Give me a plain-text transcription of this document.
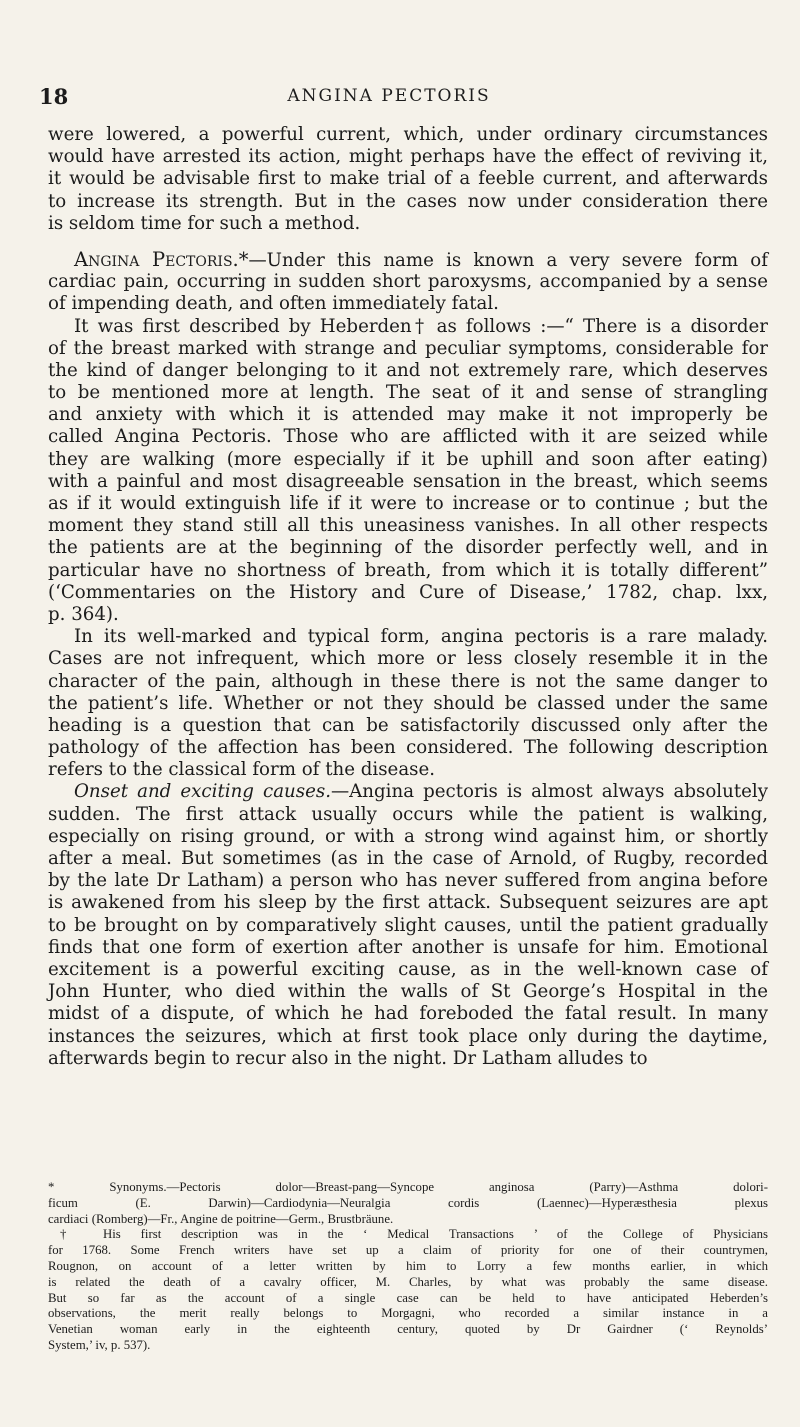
18	ANGINA PECTORIS
were lowered, a powerful current, which, under ordinary circumstances
would have arrested its action, might perhaps have the effect of reviving it,
it would be advisable first to make trial of a feeble current, and afterwards
to increase its strength. But in the cases now under consideration there
is seldom time for such a method.
Angina Pectoris.*—Under this name is known a very severe form of
cardiac pain, occurring in sudden short paroxysms, accompanied by a sense
of impending death, and often immediately fatal.
It was first described by Heberden† as follows :—“ There is a disorder
of the breast marked with strange and peculiar symptoms, considerable for
the kind of danger belonging to it and not extremely rare, which deserves
to be mentioned more at length. The seat of it and sense of strangling
and anxiety with which it is attended may make it not improperly be
called Angina Pectoris. Those who are afflicted with it are seized while
they are walking (more especially if it be uphill and soon after eating)
with a painful and most disagreeable sensation in the breast, which seems
as if it would extinguish life if it were to increase or to continue ; but the
moment they stand still all this uneasiness vanishes. In all other respects
the patients are at the beginning of the disorder perfectly well, and in
particular have no shortness of breath, from which it is totally different”
(‘Commentaries on the History and Cure of Disease,’ 1782, chap. lxx,
p. 364).
In its well-marked and typical form, angina pectoris is a rare malady.
Cases are not infrequent, which more or less closely resemble it in the
character of the pain, although in these there is not the same danger to
the patient’s life. Whether or not they should be classed under the same
heading is a question that can be satisfactorily discussed only after the
pathology of the affection has been considered. The following description
refers to the classical form of the disease.
Onset and exciting causes.—Angina pectoris is almost always absolutely
sudden. The first attack usually occurs while the patient is walking,
especially on rising ground, or with a strong wind against him, or shortly
after a meal. But sometimes (as in the case of Arnold, of Rugby, recorded
by the late Dr Latham) a person who has never suffered from angina before
is awakened from his sleep by the first attack. Subsequent seizures are apt
to be brought on by comparatively slight causes, until the patient gradually
finds that one form of exertion after another is unsafe for him. Emotional
excitement is a powerful exciting cause, as in the well-known case of
John Hunter, who died within the walls of St George’s Hospital in the
midst of a dispute, of which he had foreboded the fatal result. In many
instances the seizures, which at first took place only during the daytime,
afterwards begin to recur also in the night. Dr Latham alludes to
* Synonyms.—Pectoris dolor—Breast-pang—Syncope anginosa (Parry)—Asthma dolori-
ficum (E. Darwin)—Cardiodynia—Neuralgia cordis (Laennec)—Hyperæsthesia plexus
cardiaci (Romberg)—Fr., Angine de poitrine—Germ., Brustbräune.
† His first description was in the ‘ Medical Transactions ’ of the College of Physicians
for 1768. Some French writers have set up a claim of priority for one of their countrymen,
Rougnon, on account of a letter written by him to Lorry a few months earlier, in which
is related the death of a cavalry officer, M. Charles, by what was probably the same disease.
But so far as the account of a single case can be held to have anticipated Heberden’s
observations, the merit really belongs to Morgagni, who recorded a similar instance in a
Venetian woman early in the eighteenth century, quoted by Dr Gairdner (‘ Reynolds’
System,’ iv, p. 537).
